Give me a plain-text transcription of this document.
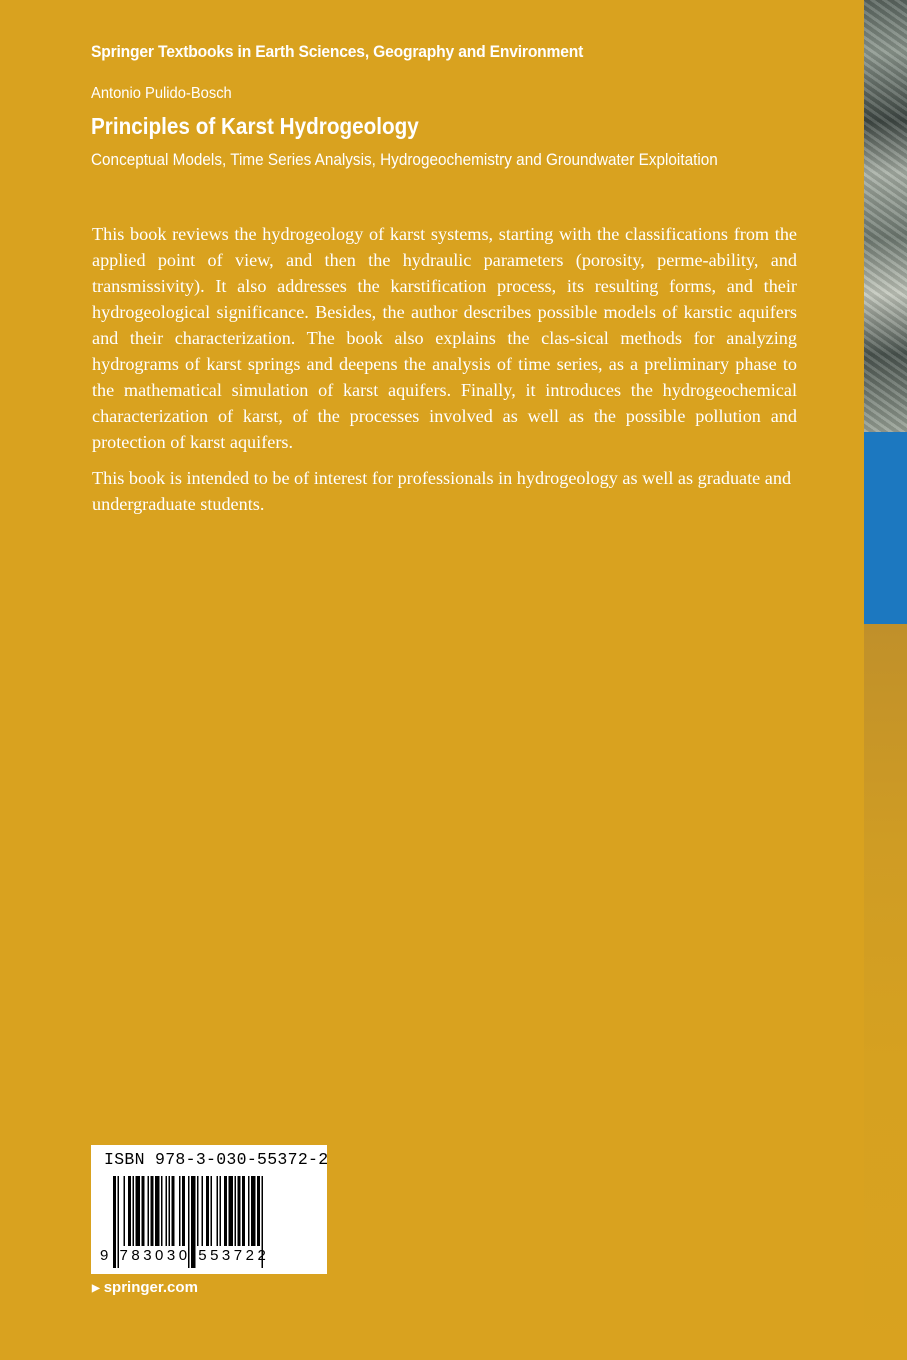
Springer Textbooks in Earth Sciences, Geography and Environment
Antonio Pulido-Bosch
Principles of Karst Hydrogeology
Conceptual Models, Time Series Analysis, Hydrogeochemistry and Groundwater Exploitation

This book reviews the hydrogeology of karst systems, starting with the classifications from the applied point of view, and then the hydraulic parameters (porosity, perme-ability, and transmissivity). It also addresses the karstification process, its resulting forms, and their hydrogeological significance. Besides, the author describes possible models of karstic aquifers and their characterization. The book also explains the clas-sical methods for analyzing hydrograms of karst springs and deepens the analysis of time series, as a preliminary phase to the mathematical simulation of karst aquifers. Finally, it introduces the hydrogeochemical characterization of karst, of the processes involved as well as the possible pollution and protection of karst aquifers.

This book is intended to be of interest for professionals in hydrogeology as well as graduate and undergraduate students.

ISBN 978-3-030-55372-2
9 783030 553722
▶ springer.com
